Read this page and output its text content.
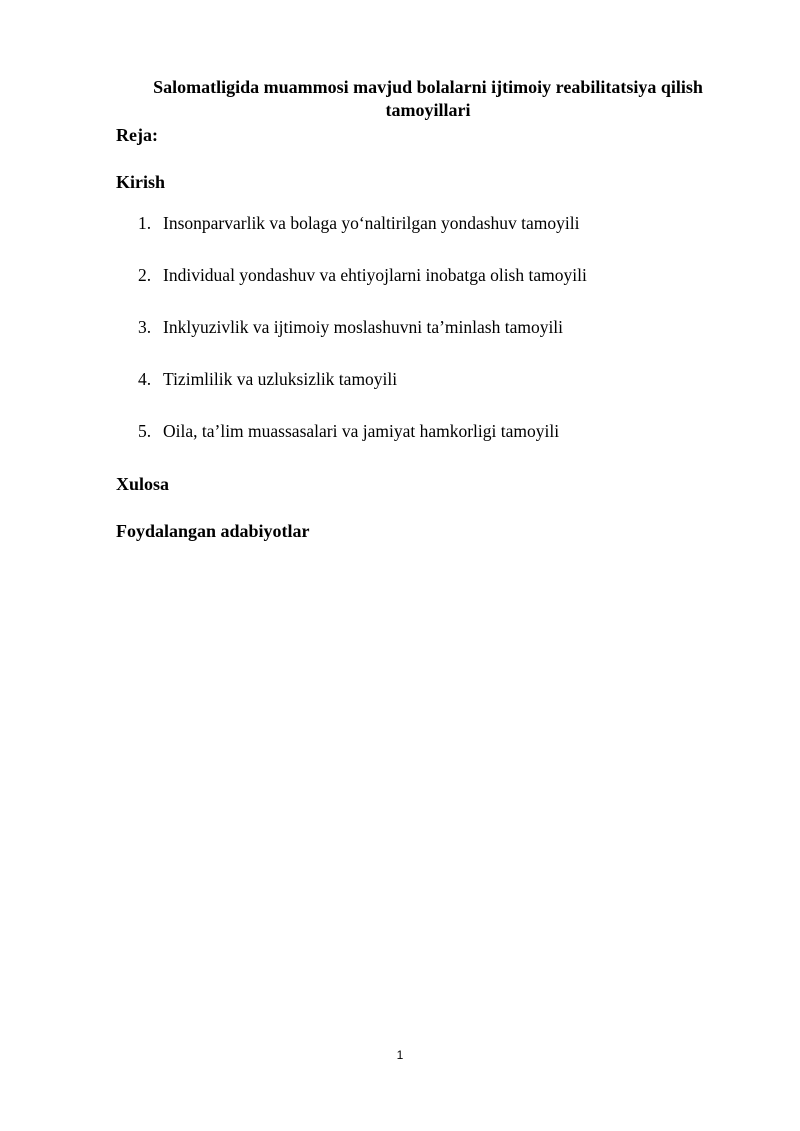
Salomatligida muammosi mavjud bolalarni ijtimoiy reabilitatsiya qilish tamoyillari
Reja:
Kirish
1. Insonparvarlik va bolaga yo‘naltirilgan yondashuv tamoyili
2. Individual yondashuv va ehtiyojlarni inobatga olish tamoyili
3. Inklyuzivlik va ijtimoiy moslashuvni ta’minlash tamoyili
4. Tizimlilik va uzluksizlik tamoyili
5. Oila, ta’lim muassasalari va jamiyat hamkorligi tamoyili
Xulosa
Foydalangan adabiyotlar
1
